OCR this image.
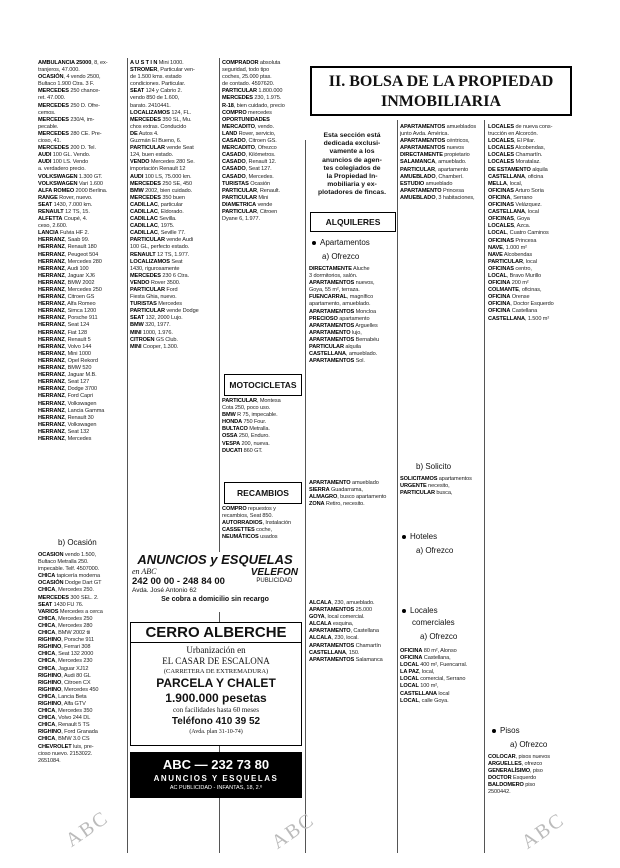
AMBULANCIA 25000, 8, ex-
tranjeros, 47.000.
OCASIÓN, 4 vendo 2500,
Bultaco 1.900 Ctra. 3 F.
MERCEDES 250 chance-
ret. 47.000.
MERCEDES 250 D. Ofre-
cemos.
MERCEDES 230/4, im-
pecable.
MERCEDES 280 CE. Pre-
cioso, 41.
MERCEDES 200 D. Tel.
AUDI 100 GL. Vendo.
AUDI 100 LS. Vendo
a. verdadero precio.
VOLKSWAGEN 1.300 GT.
VOLKSWAGEN Vari 1.600
ALFA ROMEO 2000 Berlina.
RANGE Rover, nuevo.
SEAT 1430, 7.000 km.
RENAULT 12 TS, 15.
ALFETTA Coupé, 4.
ceso, 2.600.
LANCIA Fulvia HF 2.
HERRANZ, Saab 99.
HERRANZ, Renault 180
HERRANZ, Peugeot 504
HERRANZ, Mercedes 280
HERRANZ, Audi 100
HERRANZ, Jaguar XJ6
HERRANZ, BMW 2002
HERRANZ, Mercedes 250
HERRANZ, Citroen GS
HERRANZ, Alfa Romeo
HERRANZ, Simca 1200
HERRANZ, Porsche 911
HERRANZ, Seat 124
HERRANZ, Fiat 128
HERRANZ, Renault 5
HERRANZ, Volvo 144
HERRANZ, Mini 1000
HERRANZ, Opel Rekord
HERRANZ, BMW 520
HERRANZ, Jaguar M.B.
HERRANZ, Seat 127
HERRANZ, Dodge 3700
HERRANZ, Ford Capri
HERRANZ, Volkswagen
HERRANZ, Lancia Gamma
HERRANZ, Renault 30
HERRANZ, Volkswagen
HERRANZ, Seat 132
HERRANZ, Mercedes
b) Ocasión
OCASIÓN vendo 1.500,
Bultaco Metralla 250.
impecable. Telf. 4507000.
CHICA tapicería moderna
OCASIÓN Dodge Dart GT
CHICA, Mercedes 250.
MERCEDES 300 SEL. 2.
SEAT 1430 FU 76.
VARIOS Mercedes a cerca
CHICA, Mercedes 250
CHICA, Mercedes 280
CHICA, BMW 2002 tii
RIGHINO, Porsche 911
RIGHINO, Ferrari 308
CHICA, Seat 132 2000
CHICA, Mercedes 230
CHICA, Jaguar XJ12
RIGHINO, Audi 80 GL
RIGHINO, Citroen CX
RIGHINO, Mercedes 450
CHICA, Lancia Beta
RIGHINO, Alfa GTV
CHICA, Mercedes 350
CHICA, Volvo 244 DL
CHICA, Renault 5 TS
RIGHINO, Ford Granada
CHICA, BMW 3.0 CS
CHEVROLET luis, pre-
cioso nuevo. 2153022.
2651084.
A U S T I N Mini 1000.
STROMER, Particular ven-
de 1.500 kms. estado
condiciones. Particular.
SEAT 124 y Cabrio 2.
vendo 850 de 1.600,
barato. 2410441.
LOCALIZAMOS 124, FL.
MERCEDES 350 SL, Mu.
chos extras. Conducido
DE Autos 4.
Guzmán El Bueno, 6.
PARTICULAR vende Seat
124, buen estado.
VENDO Mercedes 280 Se.
importación Renault 12
AUDI 100 LS, 75.000 km.
MERCEDES 250 SE, 450
BMW 2002, bien cuidado.
MERCEDES 350 buen
CADILLAC, particular
CADILLAC, Eldorado.
CADILLAC Sevilla.
CADILLAC, 1975.
CADILLAC, Seville 77.
PARTICULAR vende Audi
100 GL, perfecto estado.
RENAULT 12 TS, 1.977.
LOCALIZAMOS Seat
1430, rigurosamente
MERCEDES 230 6 Ctra.
VENDO Rover 3500.
PARTICULAR Ford
Fiesta Ghia, nuevo.
TURISTAS Mercedes
PARTICULAR vende Dodge
SEAT 132, 2000 Lujo.
BMW 320, 1977.
MINI 1000, 1.976.
CITROEN GS Club.
MINI Cooper, 1.300.
COMPRADOR absoluta
seguridad, todo tipo
coches, 25.000 ptas.
de contado. 4597620.
PARTICULAR 1.800.000
MERCEDES 230, 1.975.
R-18, bien cuidado, precio
COMPRO mercedes
OPORTUNIDADES
MERCADITO, vendo.
LAND Rover, servicio,
CASADO, Citroen GS.
MERCADITO, Ofrezco
CASADO, Kilómetros.
CASADO, Renault 12.
CASADO, Seat 127.
CASADO, Mercedes.
TURISTAS Ocasión
PARTICULAR, Renault.
PARTICULAR Mini
DIAMETRICA vende
PARTICULAR, Citroen
Dyane 6, 1.977.
MOTOCICLETAS
PARTICULAR, Montesa
Cota 250, poco uso.
BMW R 75, impecable.
HONDA 750 Four.
BULTACO Metralla.
OSSA 250, Enduro.
VESPA 200, nueva.
DUCATI 860 GT.
RECAMBIOS
COMPRO repuestos y
recambios, Seat 850.
AUTORRADIOS, Instalación
CASSETTES coche,
NEUMÁTICOS usados
II. BOLSA DE LA PROPIEDAD
INMOBILIARIA
Esta sección está
dedicada exclusi-
vamente a los
anuncios de agen-
tes colegiados de
la Propiedad In-
mobiliaria y ex-
plotadores de fincas.
ALQUILERES
Apartamentos
a) Ofrezco
DIRECTAMENTE Aluche
3 dormitorios, salón.
APARTAMENTOS nuevos,
Goya, 55 m², terraza.
FUENCARRAL, magnífico
apartamento, amueblado.
APARTAMENTOS Moncloa
PRECIOSO apartamento
APARTAMENTOS Arguelles
APARTAMENTO lujo,
APARTAMENTOS Bernabéu
PARTICULAR alquila
CASTELLANA, amueblado.
APARTAMENTOS Sol.
APARTAMENTO amueblado
SIERRA Guadarrama,
ALMAGRO, busco apartamento
ZONA Retiro, necesito.
ALCALA, 230, amueblado.
APARTAMENTOS 25.000
GOYA, local comercial.
ALCALA esquina,
APARTAMENTO, Castellana
ALCALA, 230, local.
APARTAMENTOS Chamartín
CASTELLANA, 150.
APARTAMENTOS Salamanca
APARTAMENTOS amueblados
junto Avda. América.
APARTAMENTOS céntricos,
APARTAMENTOS nuevos
DIRECTAMENTE propietario
SALAMANCA, amueblado.
PARTICULAR, apartamento
AMUEBLADO, Chamberí.
ESTUDIO amueblado
APARTAMENTO Princesa
AMUEBLADO, 3 habitaciones,
b) Solicito
SOLICITAMOS apartamentos
URGENTE necesito,
PARTICULAR busca,
Hoteles
a) Ofrezco
Locales
comerciales
a) Ofrezco
OFICINA 80 m², Alonso
OFICINA Castellana,
LOCAL 400 m², Fuencarral.
LA PAZ, local,
LOCAL comercial, Serrano
LOCAL 100 m²,
CASTELLANA local
LOCAL, calle Goya.
LOCALES de nueva cons-
trucción en Alcorcón.
LOCALES, El Pilar.
LOCALES Alcobendas,
LOCALES Chamartín.
LOCALES Moratalaz.
DE ESTAMENTO alquila
CASTELLANA, oficina
MELLA, local,
OFICINAS Arturo Soria
OFICINA, Serrano
OFICINAS Velázquez.
CASTELLANA, local
OFICINAS, Goya
LOCALES, Azca.
LOCAL, Cuatro Caminos
OFICINAS Princesa
NAVE, 1.000 m²
NAVE Alcobendas
PARTICULAR, local
OFICINAS centro,
LOCAL, Bravo Murillo
OFICINA 200 m²
COLMANTE, oficinas,
OFICINA Orense
OFICINA, Doctor Esquerdo
OFICINA Castellana
CASTELLANA, 1.500 m²
Pisos
a) Ofrezco
COLOCAR, pisos nuevos
ARGUELLES, ofrezco
GENERALÍSIMO, piso
DOCTOR Esquerdo
BALDOMERO piso
2500442.
ANUNCIOS y ESQUELAS
en ABC
242 00 00 - 248 84 00
Avda. José Antonio 62
VELEFON
PUBLICIDAD
Se cobra a domicilio sin recargo
CERRO ALBERCHE
Urbanización en
EL CASAR DE ESCALONA
(CARRETERA DE EXTREMADURA)
PARCELA Y CHALET
1.900.000 pesetas
con facilidades hasta 60 meses
Teléfono 410 39 52
(Avda. plan 31-10-74)
ABC — 232 73 80
ANUNCIOS Y ESQUELAS
AC PUBLICIDAD - INFANTAS, 18, 2.º
ABC	ABC	ABC
